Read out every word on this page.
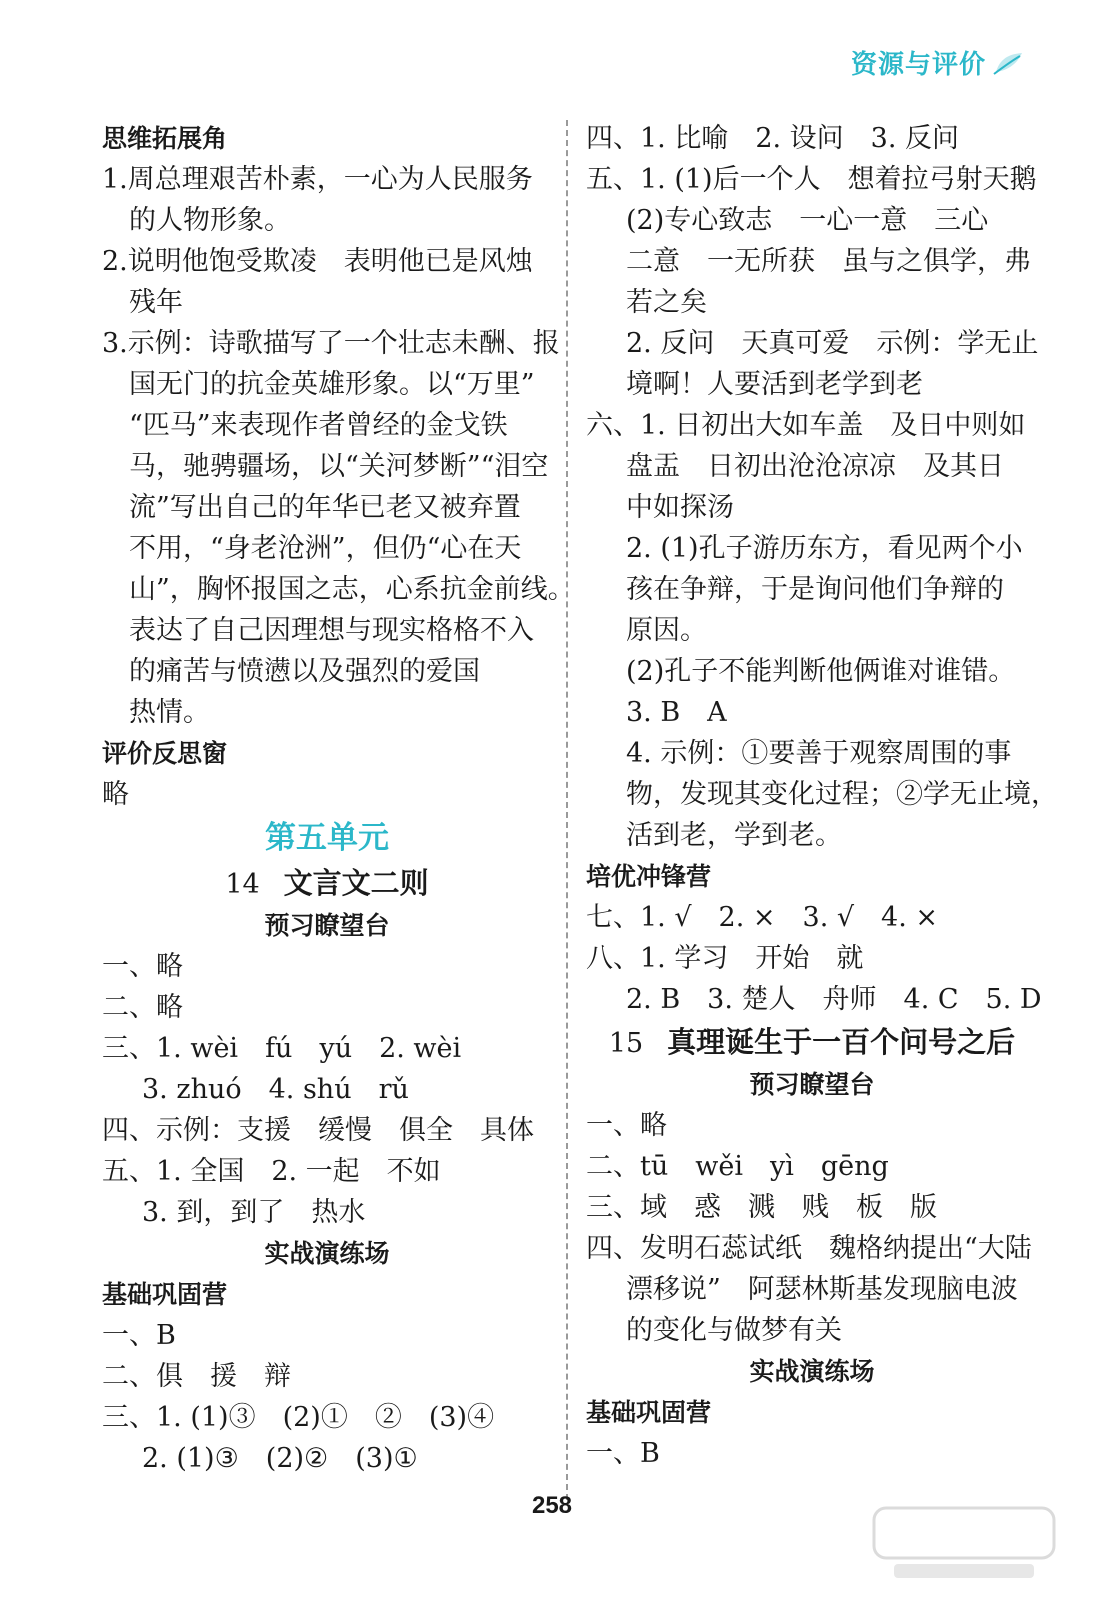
资源与评价
思维拓展角
1.周总理艰苦朴素，一心为人民服务
的人物形象。
2.说明他饱受欺凌　表明他已是风烛
残年
3.示例：诗歌描写了一个壮志未酬、报
国无门的抗金英雄形象。以“万里”
“匹马”来表现作者曾经的金戈铁
马，驰骋疆场，以“关河梦断”“泪空
流”写出自己的年华已老又被弃置
不用，“身老沧洲”，但仍“心在天
山”，胸怀报国之志，心系抗金前线。
表达了自己因理想与现实格格不入
的痛苦与愤懑以及强烈的爱国
热情。
评价反思窗
略
第五单元
14 文言文二则
预习瞭望台
一、略
二、略
三、1. wèi　fú　yú　2. wèi
3. zhuó　4. shú　rǔ
四、示例：支援　缓慢　俱全　具体
五、1. 全国　2. 一起　不如
3. 到，到了　热水
实战演练场
基础巩固营
一、B
二、俱　援　辩
三、1. (1)③　(2)①　②　(3)④
2. (1)③　(2)②　(3)①
四、1. 比喻　2. 设问　3. 反问
五、1. (1)后一个人　想着拉弓射天鹅
(2)专心致志　一心一意　三心
二意　一无所获　虽与之俱学，弗
若之矣
2. 反问　天真可爱　示例：学无止
境啊！人要活到老学到老
六、1. 日初出大如车盖　及日中则如
盘盂　日初出沧沧凉凉　及其日
中如探汤
2. (1)孔子游历东方，看见两个小
孩在争辩，于是询问他们争辩的
原因。
(2)孔子不能判断他俩谁对谁错。
3. B　A
4. 示例：①要善于观察周围的事
物，发现其变化过程；②学无止境，
活到老，学到老。
培优冲锋营
七、1. √　2. ×　3. √　4. ×
八、1. 学习　开始　就
2. B　3. 楚人　舟师　4. C　5. D
15 真理诞生于一百个问号之后
预习瞭望台
一、略
二、tū　wěi　yì　gēng
三、域　惑　溅　贱　板　版
四、发明石蕊试纸　魏格纳提出“大陆
漂移说”　阿瑟林斯基发现脑电波
的变化与做梦有关
实战演练场
基础巩固营
一、B
258
